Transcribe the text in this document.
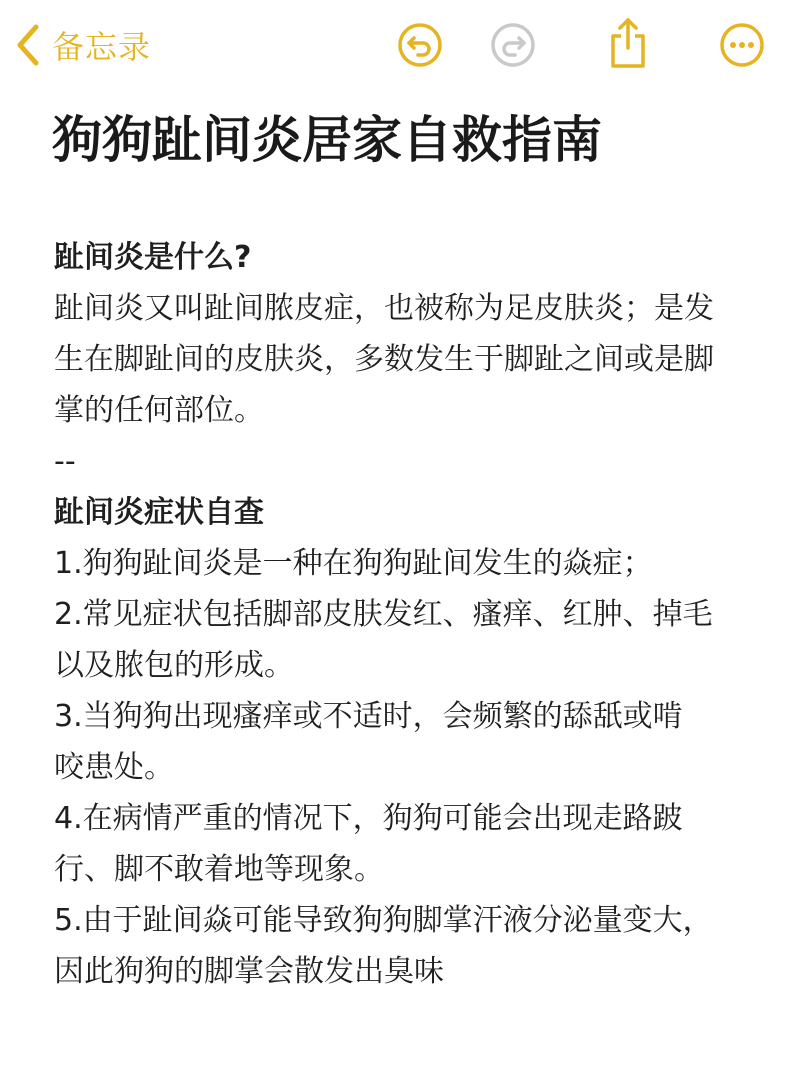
备忘录
狗狗趾间炎居家自救指南

趾间炎是什么?

趾间炎又叫趾间脓皮症，也被称为足皮肤炎；是发

生在脚趾间的皮肤炎，多数发生于脚趾之间或是脚

掌的任何部位。

--

趾间炎症状自查

1.狗狗趾间炎是一种在狗狗趾间发生的焱症；

2.常见症状包括脚部皮肤发红、瘙痒、红肿、掉毛

以及脓包的形成。

3.当狗狗出现瘙痒或不适时，会频繁的舔舐或啃

咬患处。

4.在病情严重的情况下，狗狗可能会出现走路跛

行、脚不敢着地等现象。

5.由于趾间焱可能导致狗狗脚掌汗液分泌量变大，

因此狗狗的脚掌会散发出臭味
